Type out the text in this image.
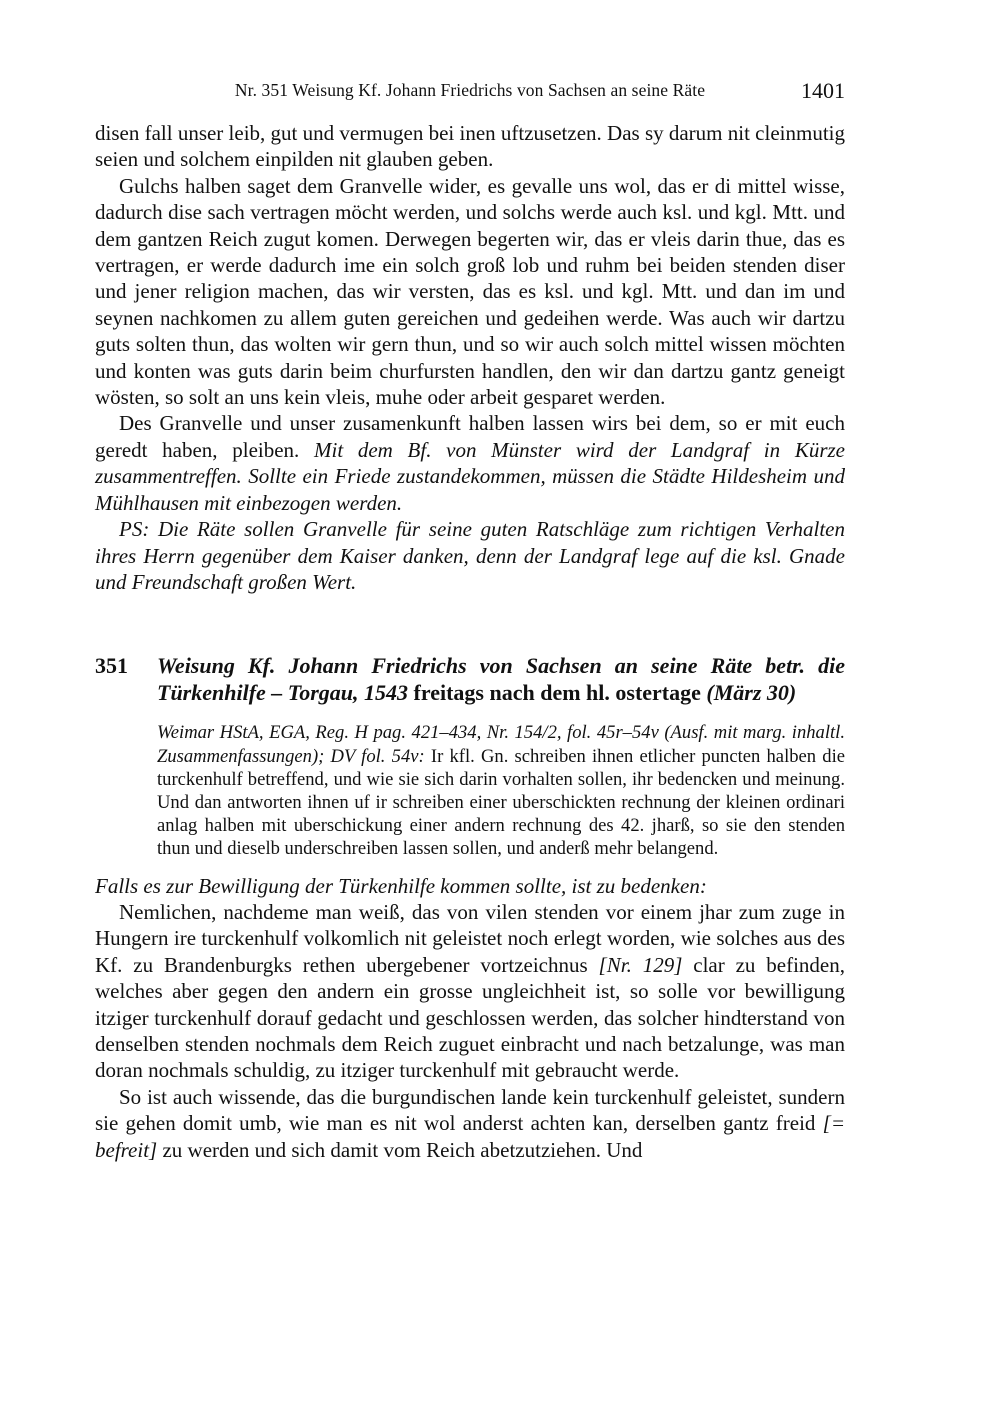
Nr. 351 Weisung Kf. Johann Friedrichs von Sachsen an seine Räte	1401

disen fall unser leib, gut und vermugen bei inen uftzusetzen. Das sy darum nit cleinmutig seien und solchem einpilden nit glauben geben.

Gulchs halben saget dem Granvelle wider, es gevalle uns wol, das er di mittel wisse, dadurch dise sach vertragen möcht werden, und solchs werde auch ksl. und kgl. Mtt. und dem gantzen Reich zugut komen. Derwegen begerten wir, das er vleis darin thue, das es vertragen, er werde dadurch ime ein solch groß lob und ruhm bei beiden stenden diser und jener religion machen, das wir versten, das es ksl. und kgl. Mtt. und dan im und seynen nachkomen zu allem guten gereichen und gedeihen werde. Was auch wir dartzu guts solten thun, das wolten wir gern thun, und so wir auch solch mittel wissen möchten und konten was guts darin beim churfursten handlen, den wir dan dartzu gantz geneigt wösten, so solt an uns kein vleis, muhe oder arbeit gesparet werden.

Des Granvelle und unser zusamenkunft halben lassen wirs bei dem, so er mit euch geredt haben, pleiben. Mit dem Bf. von Münster wird der Landgraf in Kürze zusammentreffen. Sollte ein Friede zustandekommen, müssen die Städte Hildesheim und Mühlhausen mit einbezogen werden.

PS: Die Räte sollen Granvelle für seine guten Ratschläge zum richtigen Verhalten ihres Herrn gegenüber dem Kaiser danken, denn der Landgraf lege auf die ksl. Gnade und Freundschaft großen Wert.

351	Weisung Kf. Johann Friedrichs von Sachsen an seine Räte betr. die Türkenhilfe – Torgau, 1543 freitags nach dem hl. ostertage (März 30)

Weimar HStA, EGA, Reg. H pag. 421–434, Nr. 154/2, fol. 45r–54v (Ausf. mit marg. inhaltl. Zusammenfassungen); DV fol. 54v: Ir kfl. Gn. schreiben ihnen etlicher puncten halben die turckenhulf betreffend, und wie sie sich darin vorhalten sollen, ihr bedencken und meinung. Und dan antworten ihnen uf ir schreiben einer uberschickten rechnung der kleinen ordinari anlag halben mit uberschickung einer andern rechnung des 42. jharß, so sie den stenden thun und dieselb underschreiben lassen sollen, und anderß mehr belangend.

Falls es zur Bewilligung der Türkenhilfe kommen sollte, ist zu bedenken:

Nemlichen, nachdeme man weiß, das von vilen stenden vor einem jhar zum zuge in Hungern ire turckenhulf volkomlich nit geleistet noch erlegt worden, wie solches aus des Kf. zu Brandenburgks rethen ubergebener vortzeichnus [Nr. 129] clar zu befinden, welches aber gegen den andern ein grosse ungleichheit ist, so solle vor bewilligung itziger turckenhulf dorauf gedacht und geschlossen werden, das solcher hindterstand von denselben stenden nochmals dem Reich zuguet einbracht und nach betzalunge, was man doran nochmals schuldig, zu itziger turckenhulf mit gebraucht werde.

So ist auch wissende, das die burgundischen lande kein turckenhulf geleistet, sundern sie gehen domit umb, wie man es nit wol anderst achten kan, derselben gantz freid [= befreit] zu werden und sich damit vom Reich abetzutziehen. Und
